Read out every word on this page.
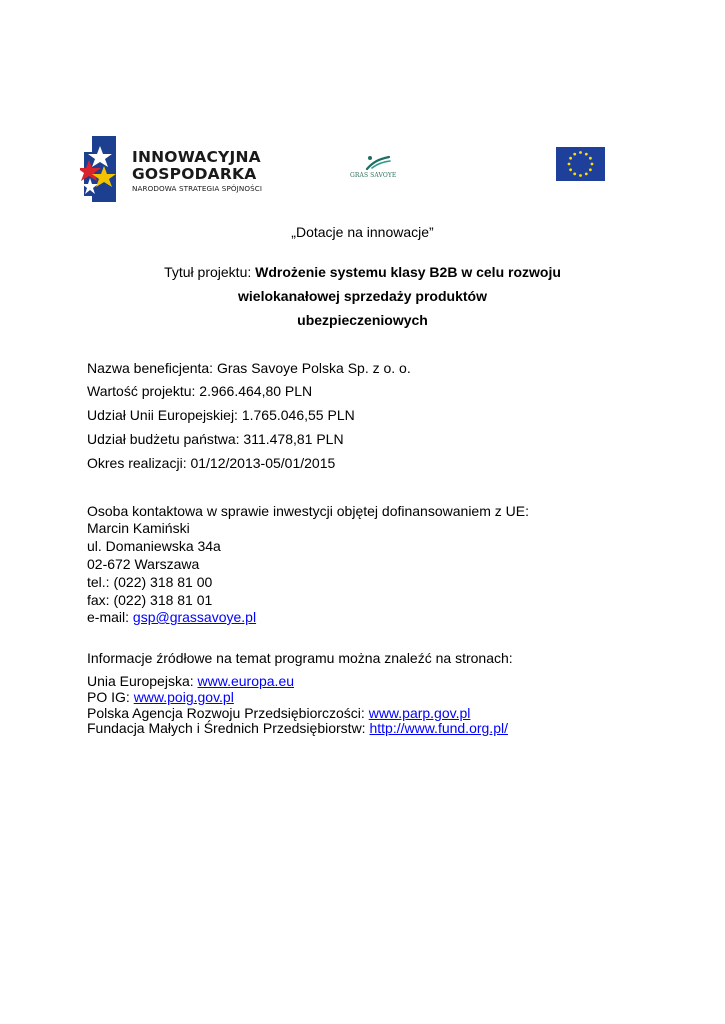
INNOWACYJNA
GOSPODARKA
NARODOWA STRATEGIA SPÓJNOŚCI
GRAS SAVOYE
„Dotacje na innowacje”
Tytuł projektu: Wdrożenie systemu klasy B2B w celu rozwoju
wielokanałowej sprzedaży produktów
ubezpieczeniowych
Nazwa beneficjenta: Gras Savoye Polska Sp. z o. o.
Wartość projektu: 2.966.464,80 PLN
Udział Unii Europejskiej: 1.765.046,55 PLN
Udział budżetu państwa: 311.478,81 PLN
Okres realizacji: 01/12/2013-05/01/2015
Osoba kontaktowa w sprawie inwestycji objętej dofinansowaniem z UE:
Marcin Kamiński
ul. Domaniewska 34a
02-672 Warszawa
tel.: (022) 318 81 00
fax: (022) 318 81 01
e-mail: gsp@grassavoye.pl
Informacje źródłowe na temat programu można znaleźć na stronach:
Unia Europejska: www.europa.eu
PO IG: www.poig.gov.pl
Polska Agencja Rozwoju Przedsiębiorczości: www.parp.gov.pl
Fundacja Małych i Średnich Przedsiębiorstw: http://www.fund.org.pl/
